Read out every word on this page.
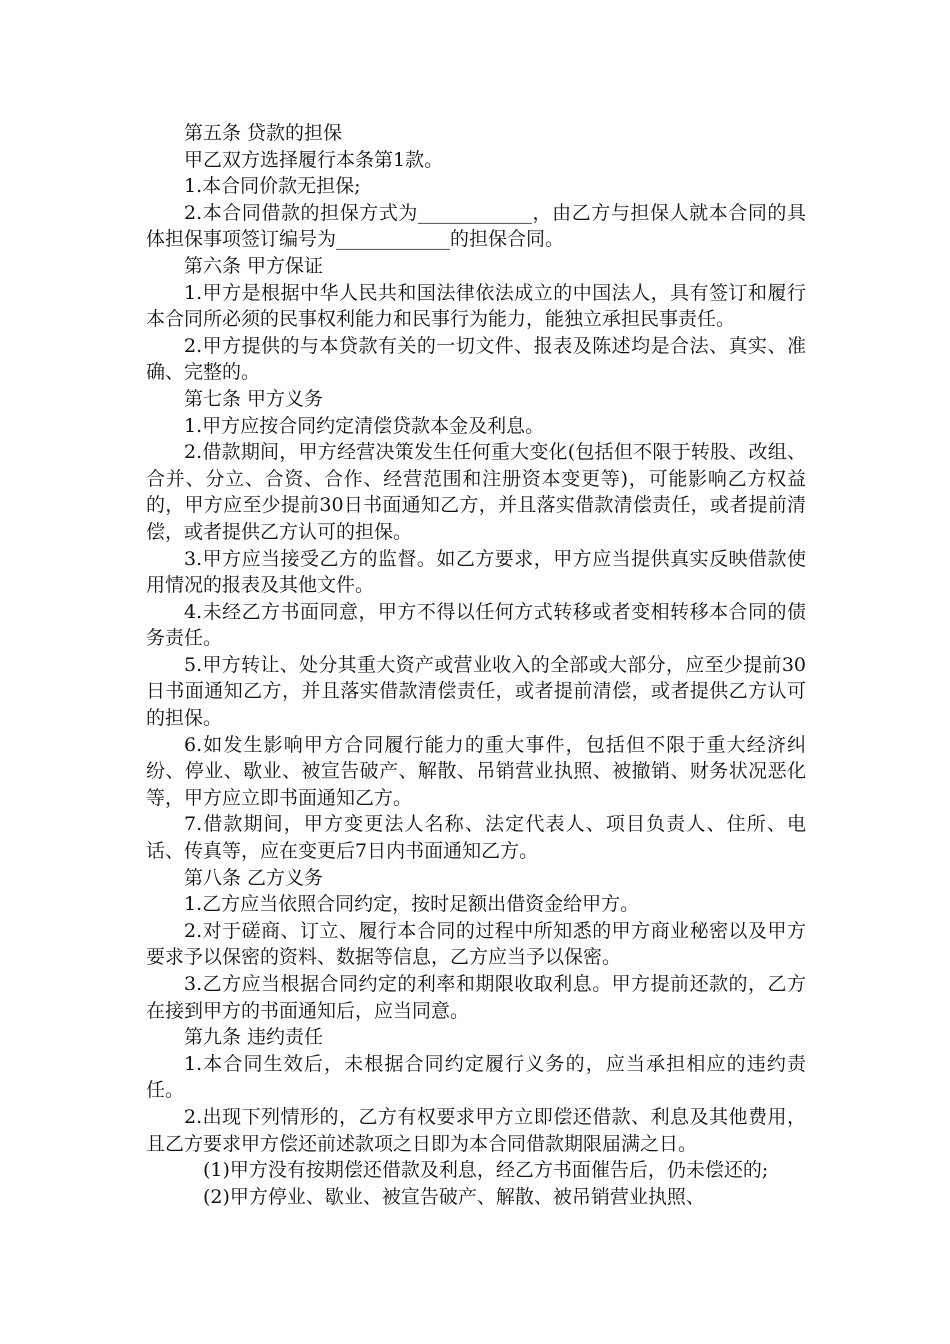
第五条 贷款的担保

甲乙双方选择履行本条第1款。

1.本合同价款无担保;

2.本合同借款的担保方式为____________，由乙方与担保人就本合同的具体担保事项签订编号为____________的担保合同。

第六条 甲方保证

1.甲方是根据中华人民共和国法律依法成立的中国法人，具有签订和履行本合同所必须的民事权利能力和民事行为能力，能独立承担民事责任。

2.甲方提供的与本贷款有关的一切文件、报表及陈述均是合法、真实、准确、完整的。

第七条 甲方义务

1.甲方应按合同约定清偿贷款本金及利息。

2.借款期间，甲方经营决策发生任何重大变化(包括但不限于转股、改组、合并、分立、合资、合作、经营范围和注册资本变更等)，可能影响乙方权益的，甲方应至少提前30日书面通知乙方，并且落实借款清偿责任，或者提前清偿，或者提供乙方认可的担保。

3.甲方应当接受乙方的监督。如乙方要求，甲方应当提供真实反映借款使用情况的报表及其他文件。

4.未经乙方书面同意，甲方不得以任何方式转移或者变相转移本合同的债务责任。

5.甲方转让、处分其重大资产或营业收入的全部或大部分，应至少提前30日书面通知乙方，并且落实借款清偿责任，或者提前清偿，或者提供乙方认可的担保。

6.如发生影响甲方合同履行能力的重大事件，包括但不限于重大经济纠纷、停业、歇业、被宣告破产、解散、吊销营业执照、被撤销、财务状况恶化等，甲方应立即书面通知乙方。

7.借款期间，甲方变更法人名称、法定代表人、项目负责人、住所、电话、传真等，应在变更后7日内书面通知乙方。

第八条 乙方义务

1.乙方应当依照合同约定，按时足额出借资金给甲方。

2.对于磋商、订立、履行本合同的过程中所知悉的甲方商业秘密以及甲方要求予以保密的资料、数据等信息，乙方应当予以保密。

3.乙方应当根据合同约定的利率和期限收取利息。甲方提前还款的，乙方在接到甲方的书面通知后，应当同意。

第九条 违约责任

1.本合同生效后，未根据合同约定履行义务的，应当承担相应的违约责任。

2.出现下列情形的，乙方有权要求甲方立即偿还借款、利息及其他费用，且乙方要求甲方偿还前述款项之日即为本合同借款期限届满之日。

(1)甲方没有按期偿还借款及利息，经乙方书面催告后，仍未偿还的;

(2)甲方停业、歇业、被宣告破产、解散、被吊销营业执照、
